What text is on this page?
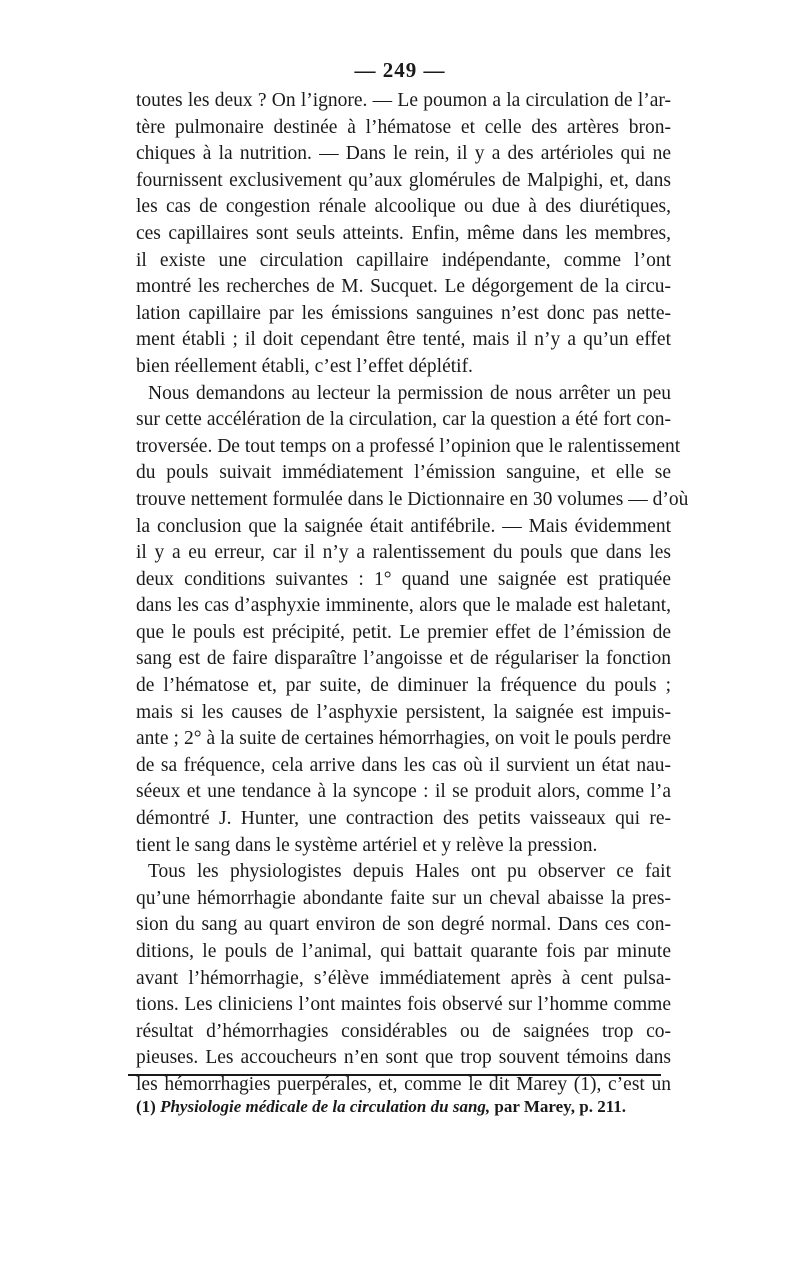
— 249 —
toutes les deux ? On l’ignore. — Le poumon a la circulation de l’ar-
tère pulmonaire destinée à l’hématose et celle des artères bron-
chiques à la nutrition. — Dans le rein, il y a des artérioles qui ne
fournissent exclusivement qu’aux glomérules de Malpighi, et, dans
les cas de congestion rénale alcoolique ou due à des diurétiques,
ces capillaires sont seuls atteints. Enfin, même dans les membres,
il existe une circulation capillaire indépendante, comme l’ont
montré les recherches de M. Sucquet. Le dégorgement de la circu-
lation capillaire par les émissions sanguines n’est donc pas nette-
ment établi ; il doit cependant être tenté, mais il n’y a qu’un effet
bien réellement établi, c’est l’effet déplétif.
Nous demandons au lecteur la permission de nous arrêter un peu
sur cette accélération de la circulation, car la question a été fort con-
troversée. De tout temps on a professé l’opinion que le ralentissement
du pouls suivait immédiatement l’émission sanguine, et elle se
trouve nettement formulée dans le Dictionnaire en 30 volumes — d’où
la conclusion que la saignée était antifébrile. — Mais évidemment
il y a eu erreur, car il n’y a ralentissement du pouls que dans les
deux conditions suivantes : 1° quand une saignée est pratiquée
dans les cas d’asphyxie imminente, alors que le malade est haletant,
que le pouls est précipité, petit. Le premier effet de l’émission de
sang est de faire disparaître l’angoisse et de régulariser la fonction
de l’hématose et, par suite, de diminuer la fréquence du pouls ;
mais si les causes de l’asphyxie persistent, la saignée est impuis-
ante ; 2° à la suite de certaines hémorrhagies, on voit le pouls perdre
de sa fréquence, cela arrive dans les cas où il survient un état nau-
séeux et une tendance à la syncope : il se produit alors, comme l’a
démontré J. Hunter, une contraction des petits vaisseaux qui re-
tient le sang dans le système artériel et y relève la pression.
Tous les physiologistes depuis Hales ont pu observer ce fait
qu’une hémorrhagie abondante faite sur un cheval abaisse la pres-
sion du sang au quart environ de son degré normal. Dans ces con-
ditions, le pouls de l’animal, qui battait quarante fois par minute
avant l’hémorrhagie, s’élève immédiatement après à cent pulsa-
tions. Les cliniciens l’ont maintes fois observé sur l’homme comme
résultat d’hémorrhagies considérables ou de saignées trop co-
pieuses. Les accoucheurs n’en sont que trop souvent témoins dans
les hémorrhagies puerpérales, et, comme le dit Marey (1), c’est un
(1) Physiologie médicale de la circulation du sang, par Marey, p. 211.
